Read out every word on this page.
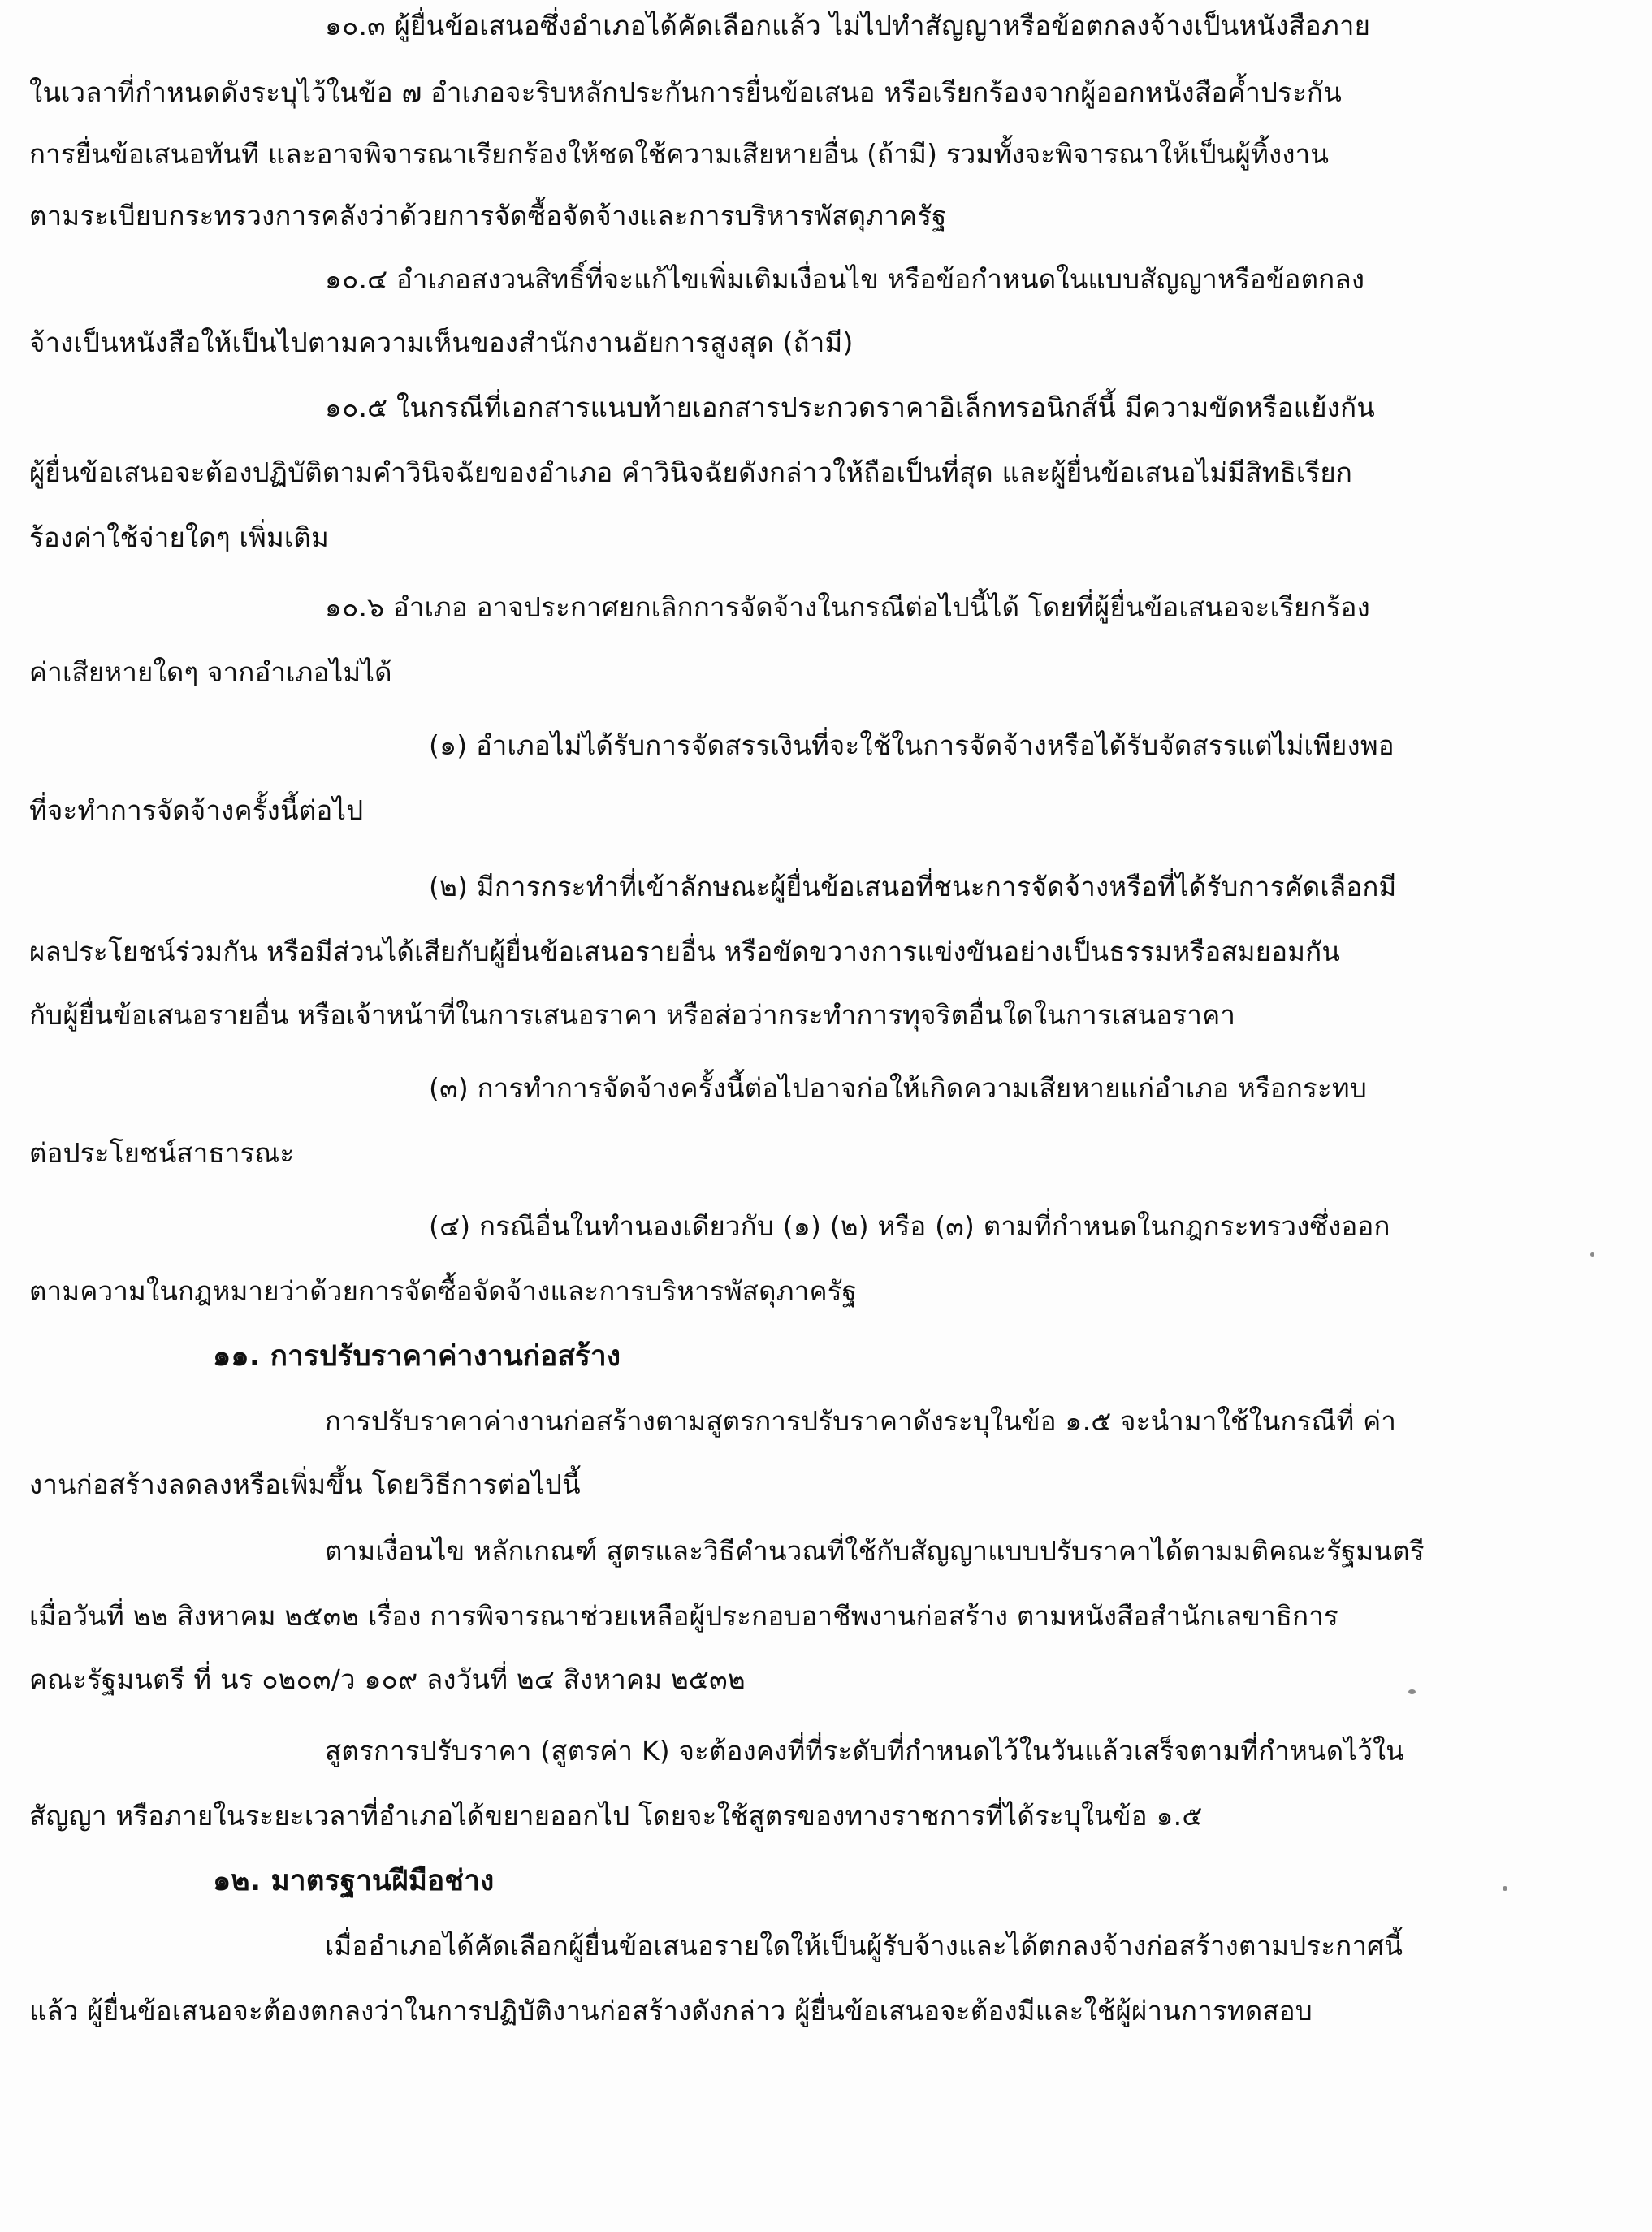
๑๐.๓ ผู้ยื่นข้อเสนอซึ่งอำเภอได้คัดเลือกแล้ว ไม่ไปทำสัญญาหรือข้อตกลงจ้างเป็นหนังสือภาย
ในเวลาที่กำหนดดังระบุไว้ในข้อ ๗ อำเภอจะริบหลักประกันการยื่นข้อเสนอ หรือเรียกร้องจากผู้ออกหนังสือค้ำประกัน
การยื่นข้อเสนอทันที และอาจพิจารณาเรียกร้องให้ชดใช้ความเสียหายอื่น (ถ้ามี) รวมทั้งจะพิจารณาให้เป็นผู้ทิ้งงาน
ตามระเบียบกระทรวงการคลังว่าด้วยการจัดซื้อจัดจ้างและการบริหารพัสดุภาครัฐ
๑๐.๔ อำเภอสงวนสิทธิ์ที่จะแก้ไขเพิ่มเติมเงื่อนไข หรือข้อกำหนดในแบบสัญญาหรือข้อตกลง
จ้างเป็นหนังสือให้เป็นไปตามความเห็นของสำนักงานอัยการสูงสุด (ถ้ามี)
๑๐.๕ ในกรณีที่เอกสารแนบท้ายเอกสารประกวดราคาอิเล็กทรอนิกส์นี้ มีความขัดหรือแย้งกัน
ผู้ยื่นข้อเสนอจะต้องปฏิบัติตามคำวินิจฉัยของอำเภอ คำวินิจฉัยดังกล่าวให้ถือเป็นที่สุด และผู้ยื่นข้อเสนอไม่มีสิทธิเรียก
ร้องค่าใช้จ่ายใดๆ เพิ่มเติม
๑๐.๖ อำเภอ อาจประกาศยกเลิกการจัดจ้างในกรณีต่อไปนี้ได้ โดยที่ผู้ยื่นข้อเสนอจะเรียกร้อง
ค่าเสียหายใดๆ จากอำเภอไม่ได้
(๑) อำเภอไม่ได้รับการจัดสรรเงินที่จะใช้ในการจัดจ้างหรือได้รับจัดสรรแต่ไม่เพียงพอ
ที่จะทำการจัดจ้างครั้งนี้ต่อไป
(๒) มีการกระทำที่เข้าลักษณะผู้ยื่นข้อเสนอที่ชนะการจัดจ้างหรือที่ได้รับการคัดเลือกมี
ผลประโยชน์ร่วมกัน หรือมีส่วนได้เสียกับผู้ยื่นข้อเสนอรายอื่น หรือขัดขวางการแข่งขันอย่างเป็นธรรมหรือสมยอมกัน
กับผู้ยื่นข้อเสนอรายอื่น หรือเจ้าหน้าที่ในการเสนอราคา หรือส่อว่ากระทำการทุจริตอื่นใดในการเสนอราคา
(๓) การทำการจัดจ้างครั้งนี้ต่อไปอาจก่อให้เกิดความเสียหายแก่อำเภอ หรือกระทบ
ต่อประโยชน์สาธารณะ
(๔) กรณีอื่นในทำนองเดียวกับ (๑) (๒) หรือ (๓) ตามที่กำหนดในกฎกระทรวงซึ่งออก
ตามความในกฎหมายว่าด้วยการจัดซื้อจัดจ้างและการบริหารพัสดุภาครัฐ
๑๑. การปรับราคาค่างานก่อสร้าง
การปรับราคาค่างานก่อสร้างตามสูตรการปรับราคาดังระบุในข้อ ๑.๕ จะนำมาใช้ในกรณีที่ ค่า
งานก่อสร้างลดลงหรือเพิ่มขึ้น โดยวิธีการต่อไปนี้
ตามเงื่อนไข หลักเกณฑ์ สูตรและวิธีคำนวณที่ใช้กับสัญญาแบบปรับราคาได้ตามมติคณะรัฐมนตรี
เมื่อวันที่ ๒๒ สิงหาคม ๒๕๓๒ เรื่อง การพิจารณาช่วยเหลือผู้ประกอบอาชีพงานก่อสร้าง ตามหนังสือสำนักเลขาธิการ
คณะรัฐมนตรี ที่ นร ๐๒๐๓/ว ๑๐๙ ลงวันที่ ๒๔ สิงหาคม ๒๕๓๒
สูตรการปรับราคา (สูตรค่า K) จะต้องคงที่ที่ระดับที่กำหนดไว้ในวันแล้วเสร็จตามที่กำหนดไว้ใน
สัญญา หรือภายในระยะเวลาที่อำเภอได้ขยายออกไป โดยจะใช้สูตรของทางราชการที่ได้ระบุในข้อ ๑.๕
๑๒. มาตรฐานฝีมือช่าง
เมื่ออำเภอได้คัดเลือกผู้ยื่นข้อเสนอรายใดให้เป็นผู้รับจ้างและได้ตกลงจ้างก่อสร้างตามประกาศนี้
แล้ว ผู้ยื่นข้อเสนอจะต้องตกลงว่าในการปฏิบัติงานก่อสร้างดังกล่าว ผู้ยื่นข้อเสนอจะต้องมีและใช้ผู้ผ่านการทดสอบ
